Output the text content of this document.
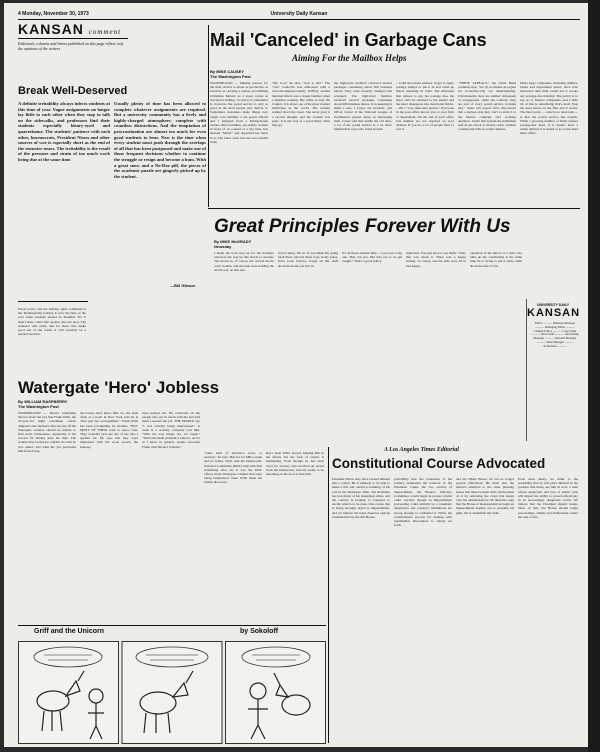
4 Monday, November 30, 1973	University Daily Kansan
KANSAN comment
Editorials, columns and letters published on this page reflect only the opinions of the writers.	Mail 'Canceled' in Garbage Cans
Aiming For the Mailbox Helps
By MIKE CAUSEY
The Washington Post
WASHINGTON — Making reserve for the mail service is about as productive as exercise as carrying a banner proclaiming Christmas Mexico as a street corner in downtown Peking. So bad is it sometimes is, however, the postal service is only as good as the mail people who deliver it. Sometimes customers make things very tough. Last summer, a tax postal official and I emerged from a Pennsylvania avenue office building. An elderly woman in front of us paused at a big blue box marked "MAIL" and deposited her letter in it. The letter went into the box labeled trash.
"My God," he said, "look at that." The "Use" trash-bin was embossed with a wise-the-shaped-roundly stuffing around hundred letters was a dozen bundles when a mailbox reading. His office is near the Capitol. It is about one of the most tracked mailboxes in the world. The woman walked down the street. She never gave it a second thought, and the woman was gone. It is the way of a good many when they go.
the high-level mailbox retrieved several packages containing about 500 business letters. They were properly stamped and wrapped. The high-level mailbox retrieved several packages containing about 600 business letters. Is in keeping in mind a pen, I forgot the incident, and Oliver Carter of the National League of Postmasters passed along an interesting item. Carter said that unlike the old days, a lot of the postal service is a lot more helpful than cops who stand around.
—Until the robust address, forget to apply postage stamps or put it in and come up letters requiring 10 cents. The addresses that refuses to pay the postage due, the letter can't be returned to the sender and the letter disappears into dead letter limbo. —Be a "very important person." Everyone in the post office knows you or your firm or department. On the end of your office box number are not required on your address. If you do, a lot of people have to sort it.
"THESE APPEALS," the Santa Bend postman says, "are by no means an urgent for economic-only our understanding. Unfortunately they are neither infrequent or exaggerated. Quite the contrary, they are part of every postal service working day." Some bill payers have discovered that a zipless strip they can't to stick it to the finance company isn't working anymore. Under that system the individual sent in his check or money order, without a stamp and with no return address.
Many large companies, including utilities, banks and department stores, have now instructed their mail rooms not to accept any postage-due material. The policy is to say no to finance companies, and a little bit of this is subsidizing that's mail. Stop the dead letters on the files and it works. The final point — which not dead talk — is that the postal service has trouble. When a growing number of firms refuses postage-due mail, if it doesn't have a return address it is slated to go to the dead letter office.
Break Well-Deserved
A definite irritability always infects students at this time of year. Vague assignments no longer lay little to each other when they stop to talk on the sidewalks, and professors find their students especially bleary-eyed and quarrelsome. The students' patience with each other, bureaucrats, President Nixon and other sources of woe is especially short as the end of the semester nears. The irritability is the result of the pressure and strain of too much work being due at the same time.
Usually plenty of time has been allowed to complete whatever assignments are required. But a university community has a lively and highly-charged atmosphere, complete with countless distractions. And the temptation of procrastination are almost too much for even good students to bear. Now is the time when every student must push through the overlaps of all that has been postponed and make one of those frequent decisions whether to continue the struggle or resign and become a bum. With a great snow and a No-Doz pill, the pieces of the academic puzzle are gingerly picked up by the student.
—Bill Gibson
Great Principles Forever With Us
By MIKE McGRADY
Newsday
I made the bold stop up for the holidays wherever the way up this movie or another. The movie is, of course, the current movie court trouble, and the kids were battling me all the way on this one.
forced lying. Oh so. If you think I'm going back there and tell those boys in my jokes. Now, look, fellows, forget all this stuff about the hotel you live in.
It's all these another time—"you wear a big one. That can you. But let's not to do get caught." That's a good policy.
right here. You just have to see them." Well, that was about it. There was a happy ending, of course, and the kids were all in bed happy.
ourselves at the mercy of a man who talks up the constitution at the same time he is trying to put it aside, talks about the rule of law.
UNIVERSITY DAILY
KANSAN
Editor ............ Business Manager ............ Managing Editor ............ Campus Editor ............ Copy Chief ............ News Staff ............ Advertising Manager ............ National Manager ............ Sales Manager ............ Production ............
Watergate 'Hero' Jobless
By WILLIAM RASPBERRY
The Washington Post
Fiscal policy and the holiday spirit combined in the Thanksgiving holiday is now the time of the year when students should be thankful. For it hasn't been a hard life: people who are poor. The semester will come, and for those who make good use of the break, it will certainly be a needed vacation.
WASHINGTON — There's something thrown about the fact that Frank Wills, the 25-year-old night watchman whose diligence and alertness blew the lid off the Watergate scandal, should be unable to find work. Joblessness, apparently, is his reward for having done his duty. The trouble may be that he couldn't do what he was asked, and what his job prevented him from doing.
the bosses don't know him. So, the desk clerk at a hotel in New York said he is "nice guy but overqualified." Frank Wills has been job-hunting for months. "BUT MOST OF THEM want to know why. They wouldn't give me any of the jobs I applied for. He says that they were impressed with his work record, the honesty.
been passed out. He contacted all the people who got in touch with me and told them I needed the job. THE PEOPLE say "I was actually being interviewed." A clerk at a security company told him, "With the way things are, it's tough." "That's the main problem, I believe. As far as I know in general, people associate Frank with Nixon's troubles."
"some kind of attractive work, or security," he says. But not for $80-a-week and no future. Well, said the Democratic National Committee (DNC) help him find something after all, it was the DNC offices in the Watergate complex that were being burglarized when Wills made his fateful discovery.
Ray's been Wills' lawyer, helping him in his efforts but the lack of results is maddening. Even though he has been cited for bravery and received an award from the Democrats, nobody seems to be knocking on his door to hire him.
A Los Angeles Times Editorial
Constitutional Course Advocated
President Nixon may have backed himself into a corner. He is unlikely to be able to make a full and candid accounting of his role in the Watergate affair. The President has lost many of his staunchest allies, and the country is looking to Congress to decide what is to be done. One course that is being strongly urged is impeachment, and we believe the issue deserves serious consideration by the full House.
probability that the consensus of the country demanded the removal of the President. Under the two articles of impeachment, the House's Judiciary Committee would begin in proper, lawful order. Second, though an impeachment proceeding could initially be a traumatic experience, the country's institutions are strong enough to withstand it. Third, the constitutional process for dealing with presidential misconduct is clearly set forth.
and the White House, he can no longer govern effectively. He must turn the nation's attention to the other pressing issues that must be dealt with, and he must do it by removing the cloud that hangs over his administration. We therefore urge that the House of Representatives begin an impeachment inquiry, not to presume his guilt, but to determine the truth.
Even more likely, we think, is the possibility that he will place himself in the position that many see him in now: a man whose suspicions and loss of public trust will impair his ability to govern effectively in an increasingly dangerous world. We believe that the President should resign. Short of that, the House should begin proceedings, calmly and deliberately, under the rule of law.
Griff and the Unicorn	by Sokoloff
